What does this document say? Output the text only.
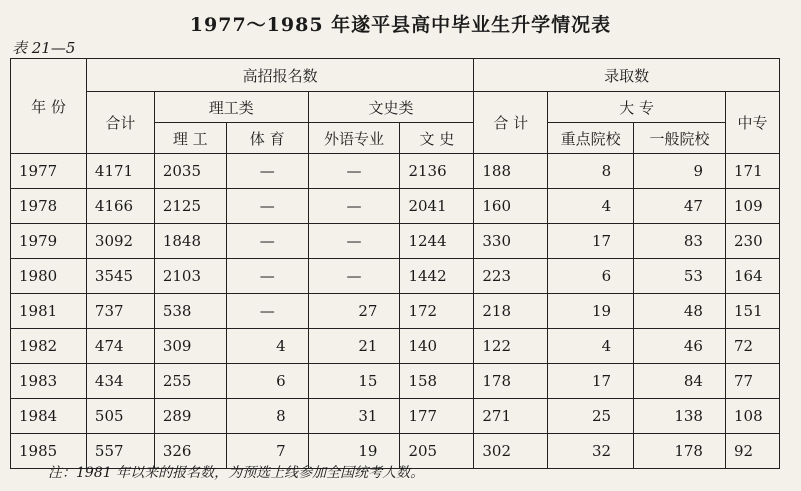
1977～1985 年遂平县高中毕业生升学情况表
表 21—5
年 份	高招报名数					录取数			
	合计	理工类		文史类		合 计	大 专		中专
		理 工	体 育	外语专业	文 史		重点院校	一般院校	
1977	4171	2035	—	—	2136	188	8	9	171
1978	4166	2125	—	—	2041	160	4	47	109
1979	3092	1848	—	—	1244	330	17	83	230
1980	3545	2103	—	—	1442	223	6	53	164
1981	737	538	—	27	172	218	19	48	151
1982	474	309	4	21	140	122	4	46	72
1983	434	255	6	15	158	178	17	84	77
1984	505	289	8	31	177	271	25	138	108
1985	557	326	7	19	205	302	32	178	92
注：1981 年以来的报名数，为预选上线参加全国统考人数。
